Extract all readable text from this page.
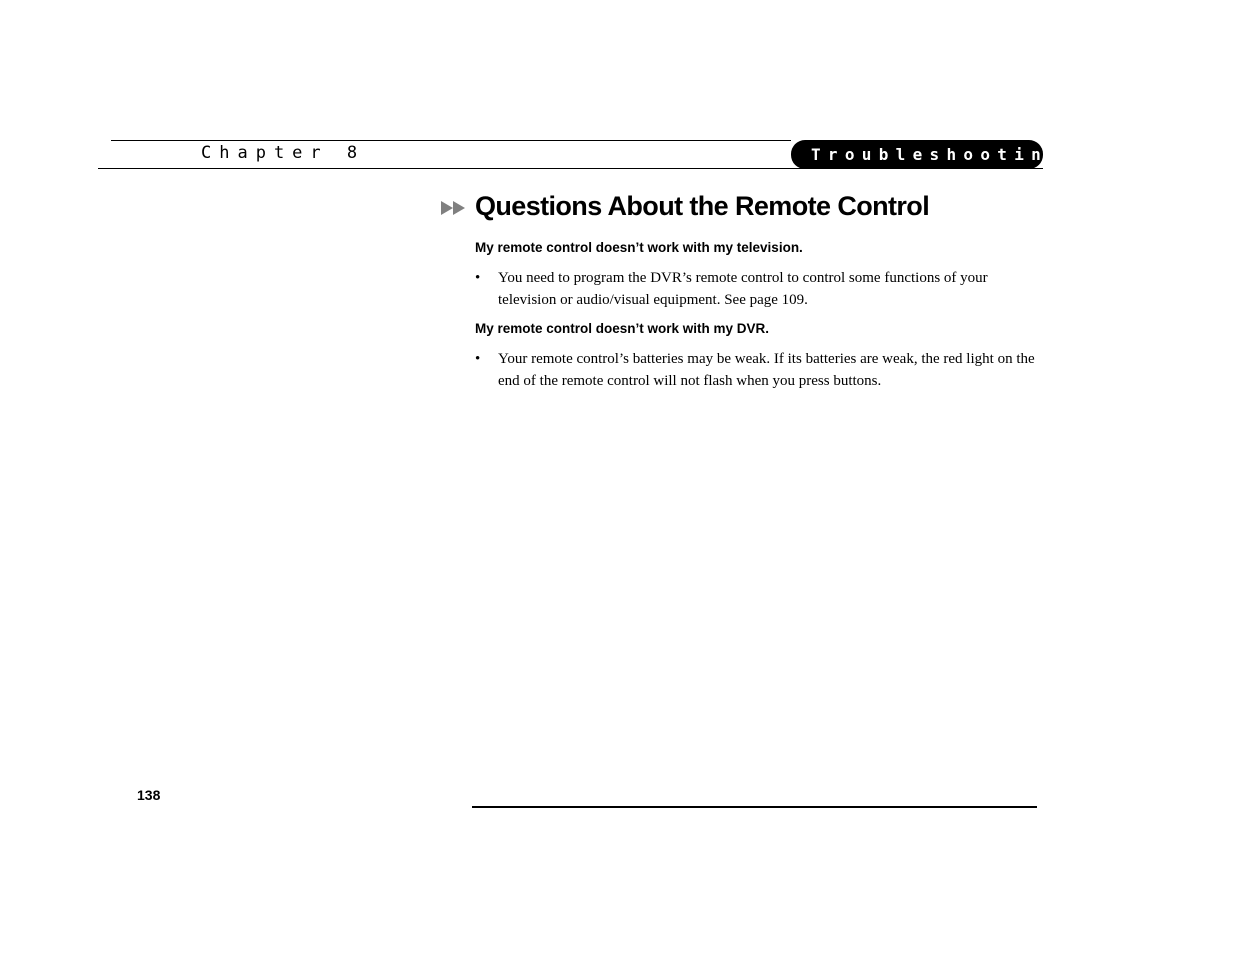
Chapter 8	Troubleshooting
Questions About the Remote Control

My remote control doesn’t work with my television.

• You need to program the DVR’s remote control to control some functions of your television or audio/visual equipment. See page 109.

My remote control doesn’t work with my DVR.

• Your remote control’s batteries may be weak. If its batteries are weak, the red light on the end of the remote control will not flash when you press buttons.

138
